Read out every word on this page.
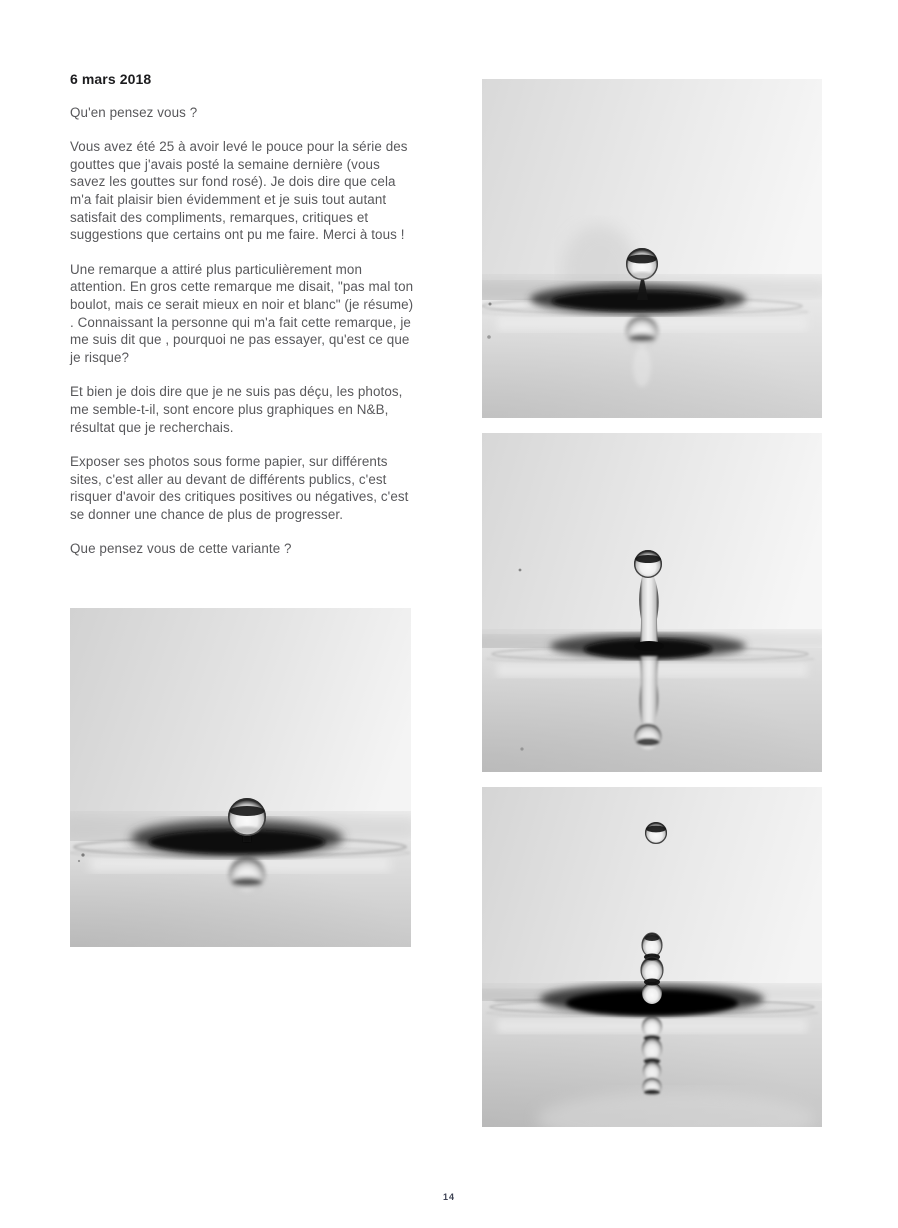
6 mars 2018

Qu'en pensez vous ?

Vous avez été 25 à avoir levé le pouce pour la série des gouttes que j'avais posté la semaine dernière (vous savez les gouttes sur fond rosé). Je dois dire que cela m'a fait plaisir bien évidemment et je suis tout autant satisfait des compliments, remarques, critiques et suggestions que certains ont pu me faire. Merci à tous !

Une remarque a attiré plus particulièrement mon attention. En gros cette remarque me disait, "pas mal ton boulot, mais ce serait mieux en noir et blanc" (je résume) . Connaissant la personne qui m'a fait cette remarque, je me suis dit que , pourquoi ne pas essayer, qu'est ce que je risque?

Et bien je dois dire que je ne suis pas déçu, les photos, me semble-t-il, sont encore plus graphiques en N&B, résultat que je recherchais.

Exposer ses photos sous forme papier, sur différents sites, c'est aller au devant de différents publics, c'est risquer d'avoir des critiques positives ou négatives, c'est se donner une chance de plus de progresser.

Que pensez vous de cette variante ?

14
